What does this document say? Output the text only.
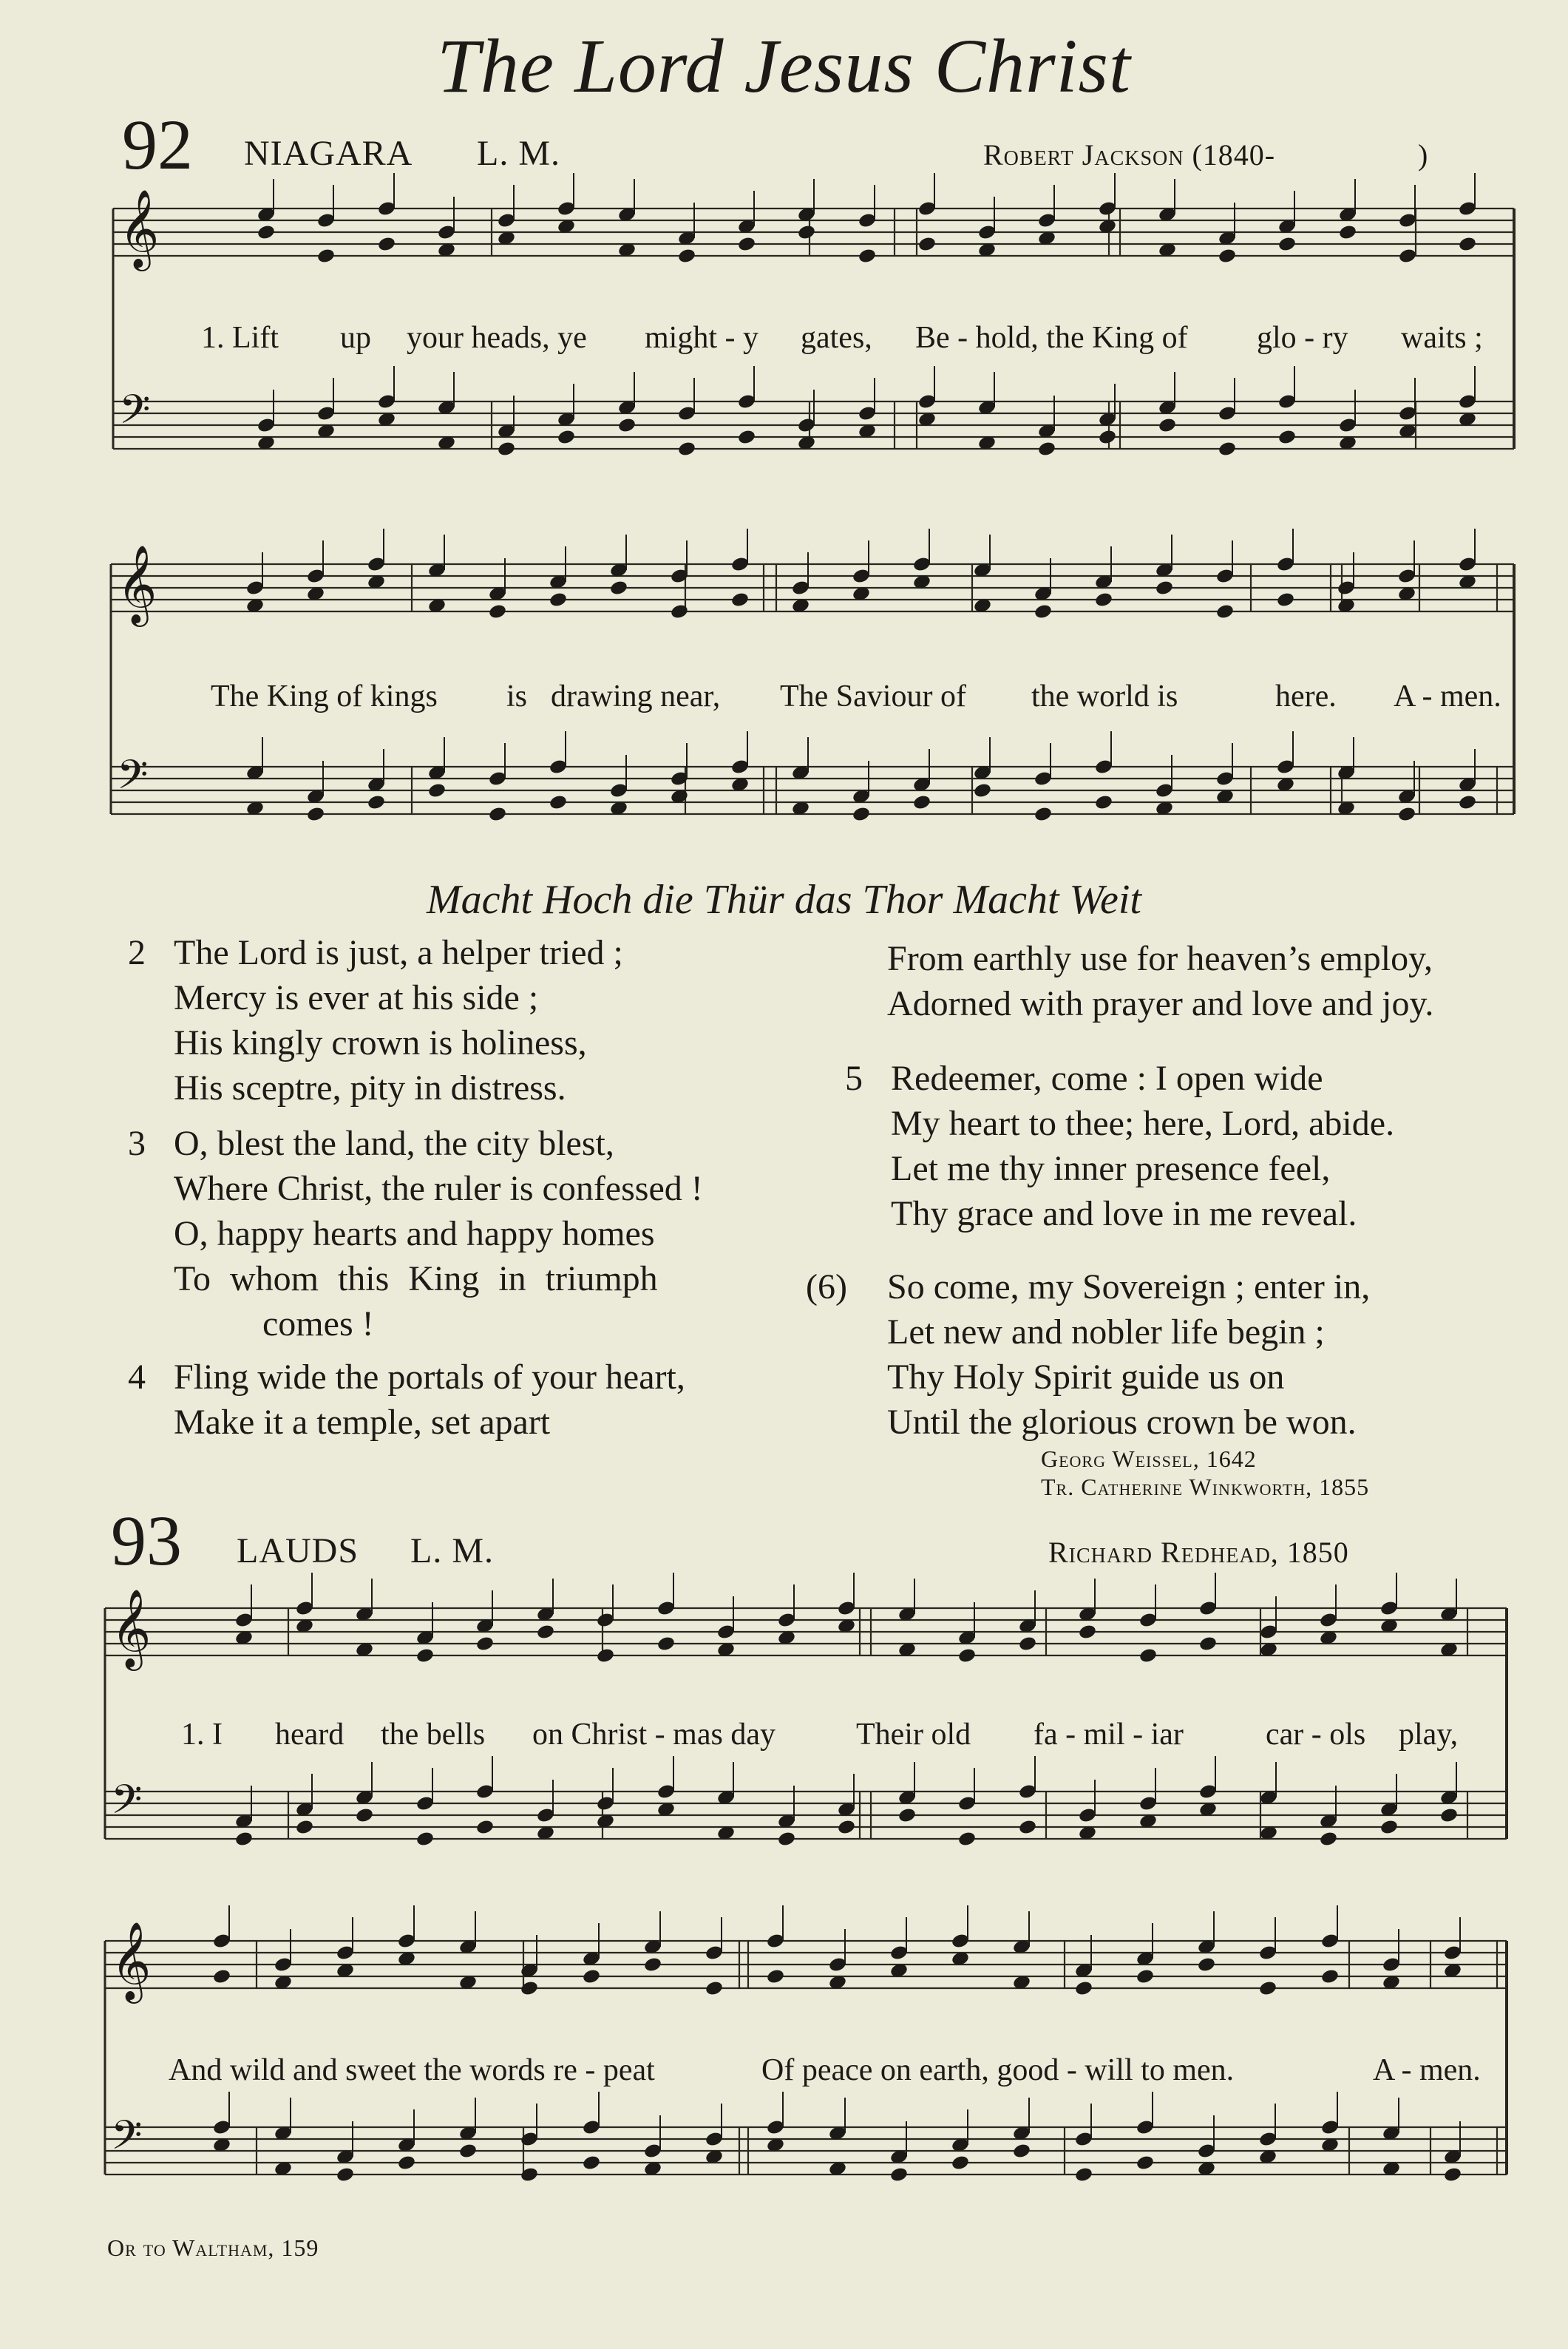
The Lord Jesus Christ
92 NIAGARA L. M.	Robert Jackson (1840-	)
𝄞
𝄢
𝄞
𝄢
𝄞
𝄢
𝄞
𝄢
1. Lift up your heads, ye might - y gates, Be - hold, the King of glo - ry waits ;
The King of kings is drawing near, The Saviour of the world is	here. A - men.
Macht Hoch die Thür das Thor Macht Weit
2 The Lord is just, a helper tried ;
Mercy is ever at his side ;
His kingly crown is holiness,
His sceptre, pity in distress.
3 O, blest the land, the city blest,
Where Christ, the ruler is confessed !
O, happy hearts and happy homes
To whom this King in triumph
comes !
4 Fling wide the portals of your heart,
Make it a temple, set apart
From earthly use for heaven’s employ,
Adorned with prayer and love and joy.
5 Redeemer, come : I open wide
My heart to thee; here, Lord, abide.
Let me thy inner presence feel,
Thy grace and love in me reveal.
(6) So come, my Sovereign ; enter in,
Let new and nobler life begin ;
Thy Holy Spirit guide us on
Until the glorious crown be won.
Georg Weissel, 1642
Tr. Catherine Winkworth, 1855
93 LAUDS L. M.	Richard Redhead, 1850
1. I heard the bells on Christ - mas day	Their old fa - mil - iar	car - ols play,
And wild and sweet the words re - peat	Of peace on earth, good - will to men.	A - men.
Or to Waltham, 159
